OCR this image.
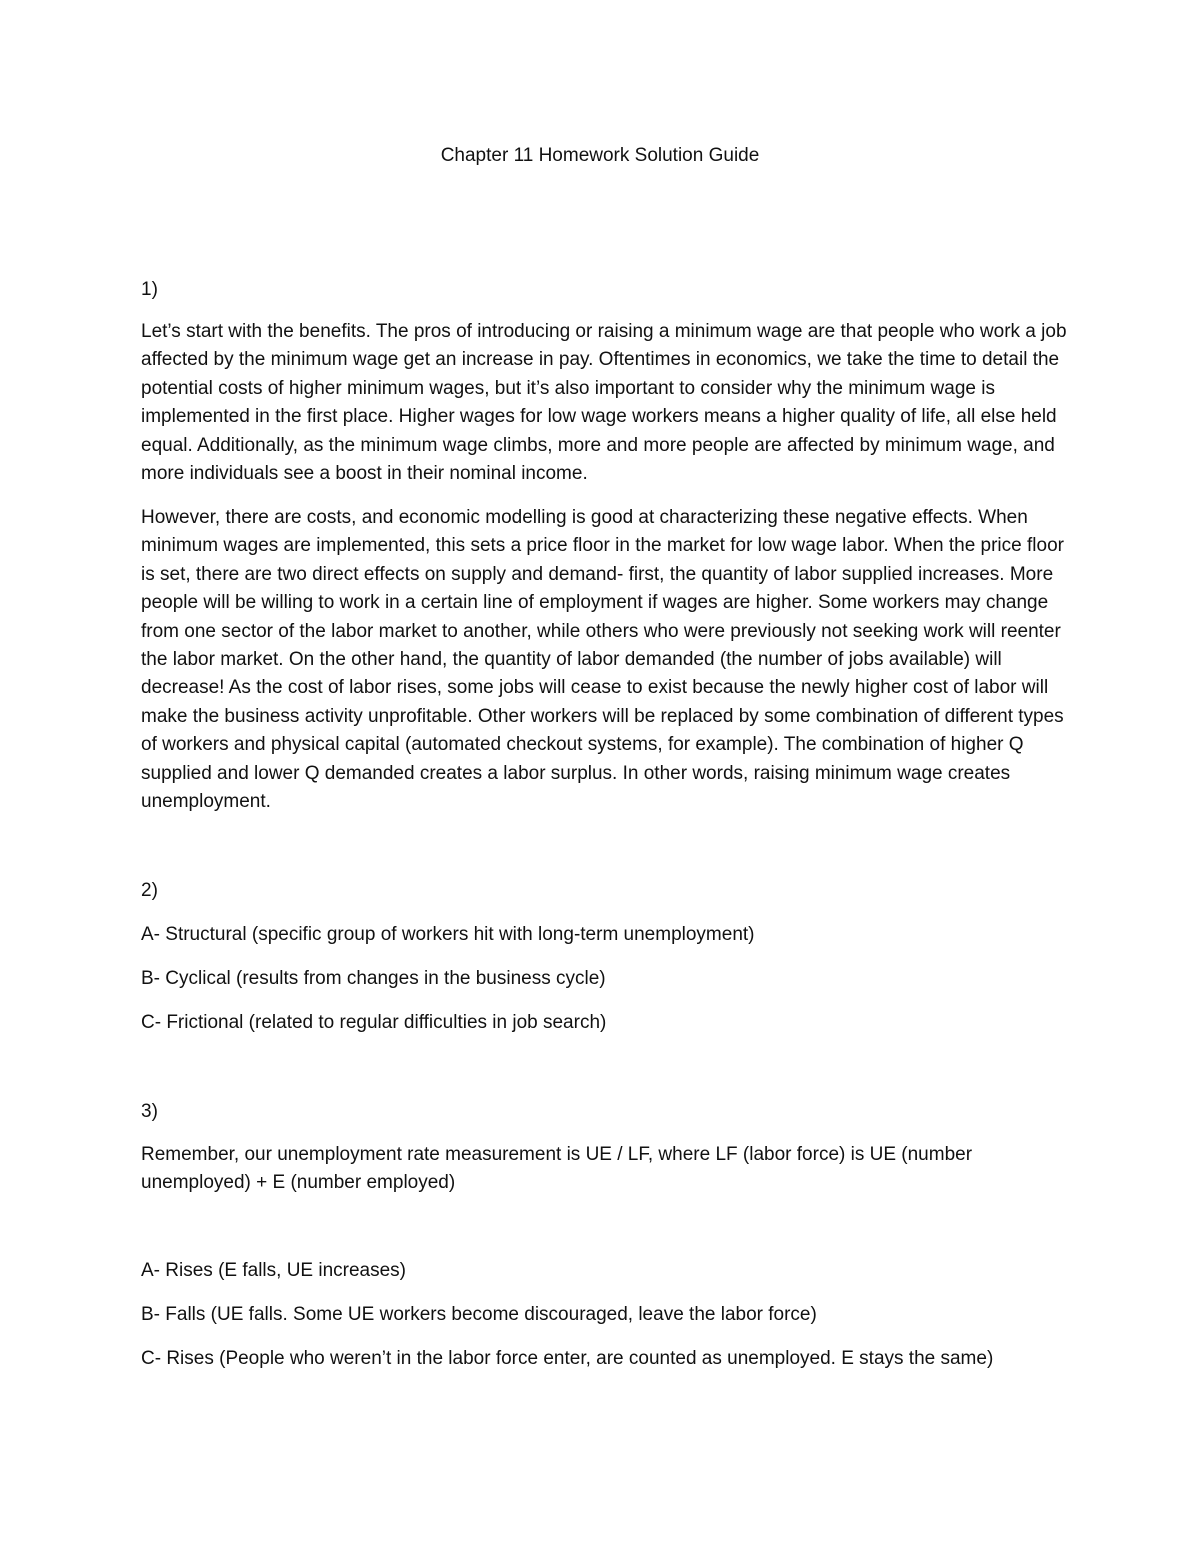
Chapter 11 Homework Solution Guide
1)

Let’s start with the benefits. The pros of introducing or raising a minimum wage are that people who work a job affected by the minimum wage get an increase in pay. Oftentimes in economics, we take the time to detail the potential costs of higher minimum wages, but it’s also important to consider why the minimum wage is implemented in the first place. Higher wages for low wage workers means a higher quality of life, all else held equal. Additionally, as the minimum wage climbs, more and more people are affected by minimum wage, and more individuals see a boost in their nominal income.

However, there are costs, and economic modelling is good at characterizing these negative effects. When minimum wages are implemented, this sets a price floor in the market for low wage labor. When the price floor is set, there are two direct effects on supply and demand- first, the quantity of labor supplied increases. More people will be willing to work in a certain line of employment if wages are higher. Some workers may change from one sector of the labor market to another, while others who were previously not seeking work will reenter the labor market. On the other hand, the quantity of labor demanded (the number of jobs available) will decrease! As the cost of labor rises, some jobs will cease to exist because the newly higher cost of labor will make the business activity unprofitable. Other workers will be replaced by some combination of different types of workers and physical capital (automated checkout systems, for example). The combination of higher Q supplied and lower Q demanded creates a labor surplus. In other words, raising minimum wage creates unemployment.

2)

A- Structural (specific group of workers hit with long-term unemployment)

B- Cyclical (results from changes in the business cycle)

C- Frictional (related to regular difficulties in job search)

3)

Remember, our unemployment rate measurement is UE / LF, where LF (labor force) is UE (number unemployed) + E (number employed)

A- Rises (E falls, UE increases)

B- Falls (UE falls. Some UE workers become discouraged, leave the labor force)

C- Rises (People who weren’t in the labor force enter, are counted as unemployed. E stays the same)
